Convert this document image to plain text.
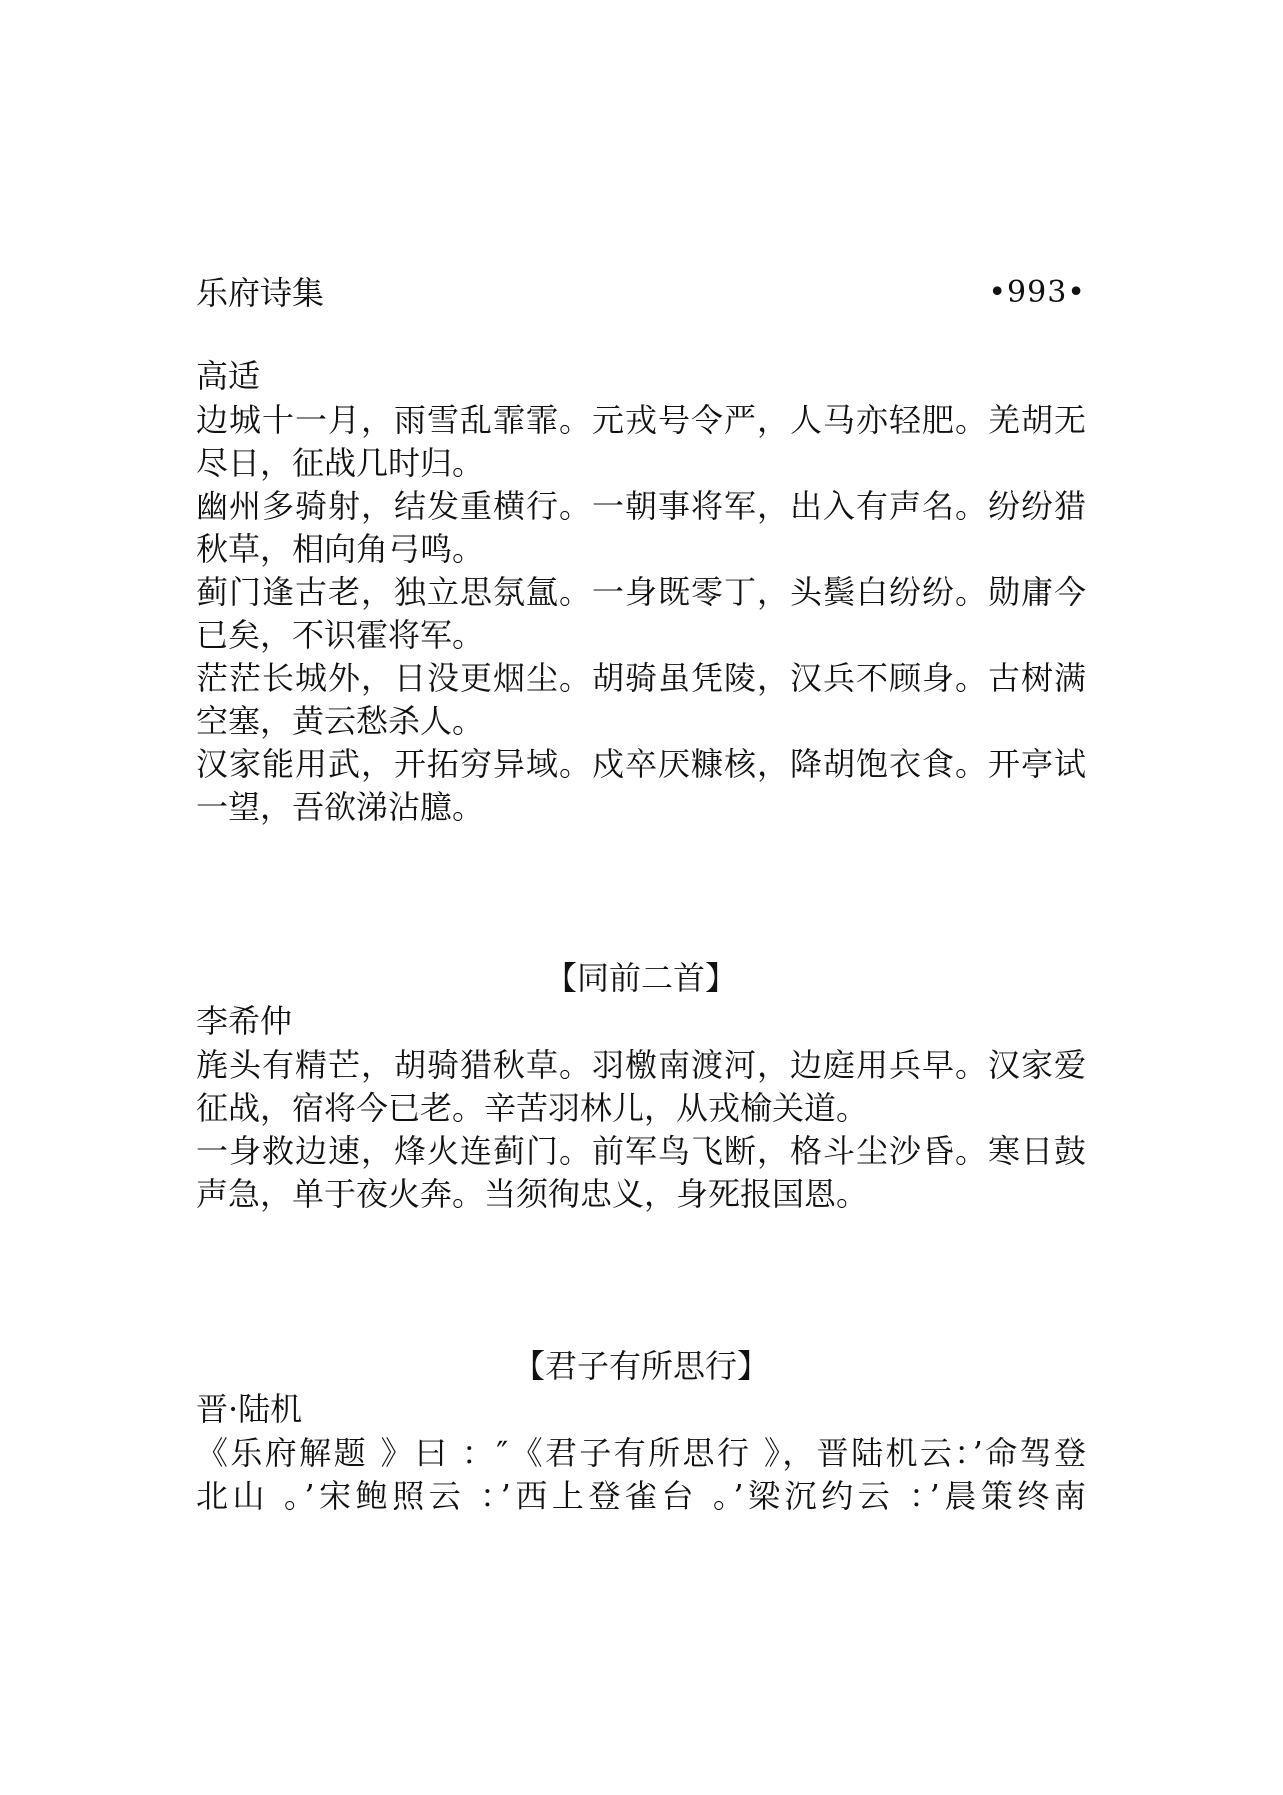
乐府诗集	•993•
高适
边城十一月，雨雪乱霏霏。元戎号令严，人马亦轻肥。羌胡无
尽日，征战几时归。
幽州多骑射，结发重横行。一朝事将军，出入有声名。纷纷猎
秋草，相向角弓鸣。
蓟门逢古老，独立思氛氲。一身既零丁，头鬓白纷纷。勋庸今
已矣，不识霍将军。
茫茫长城外，日没更烟尘。胡骑虽凭陵，汉兵不顾身。古树满
空塞，黄云愁杀人。
汉家能用武，开拓穷异域。戍卒厌糠核，降胡饱衣食。开亭试
一望，吾欲涕沾臆。
【同前二首】
李希仲
旄头有精芒，胡骑猎秋草。羽檄南渡河，边庭用兵早。汉家爱
征战，宿将今已老。辛苦羽林儿，从戎榆关道。
一身救边速，烽火连蓟门。前军鸟飞断，格斗尘沙昏。寒日鼓
声急，单于夜火奔。当须徇忠义，身死报国恩。
【君子有所思行】
晋·陆机
《乐府解题 》曰 ：″《君子有所思行 》，晋陆机云：’命驾登
北山 。’宋鲍照云 ：’西上登雀台 。’梁沉约云 ：’晨策终南
